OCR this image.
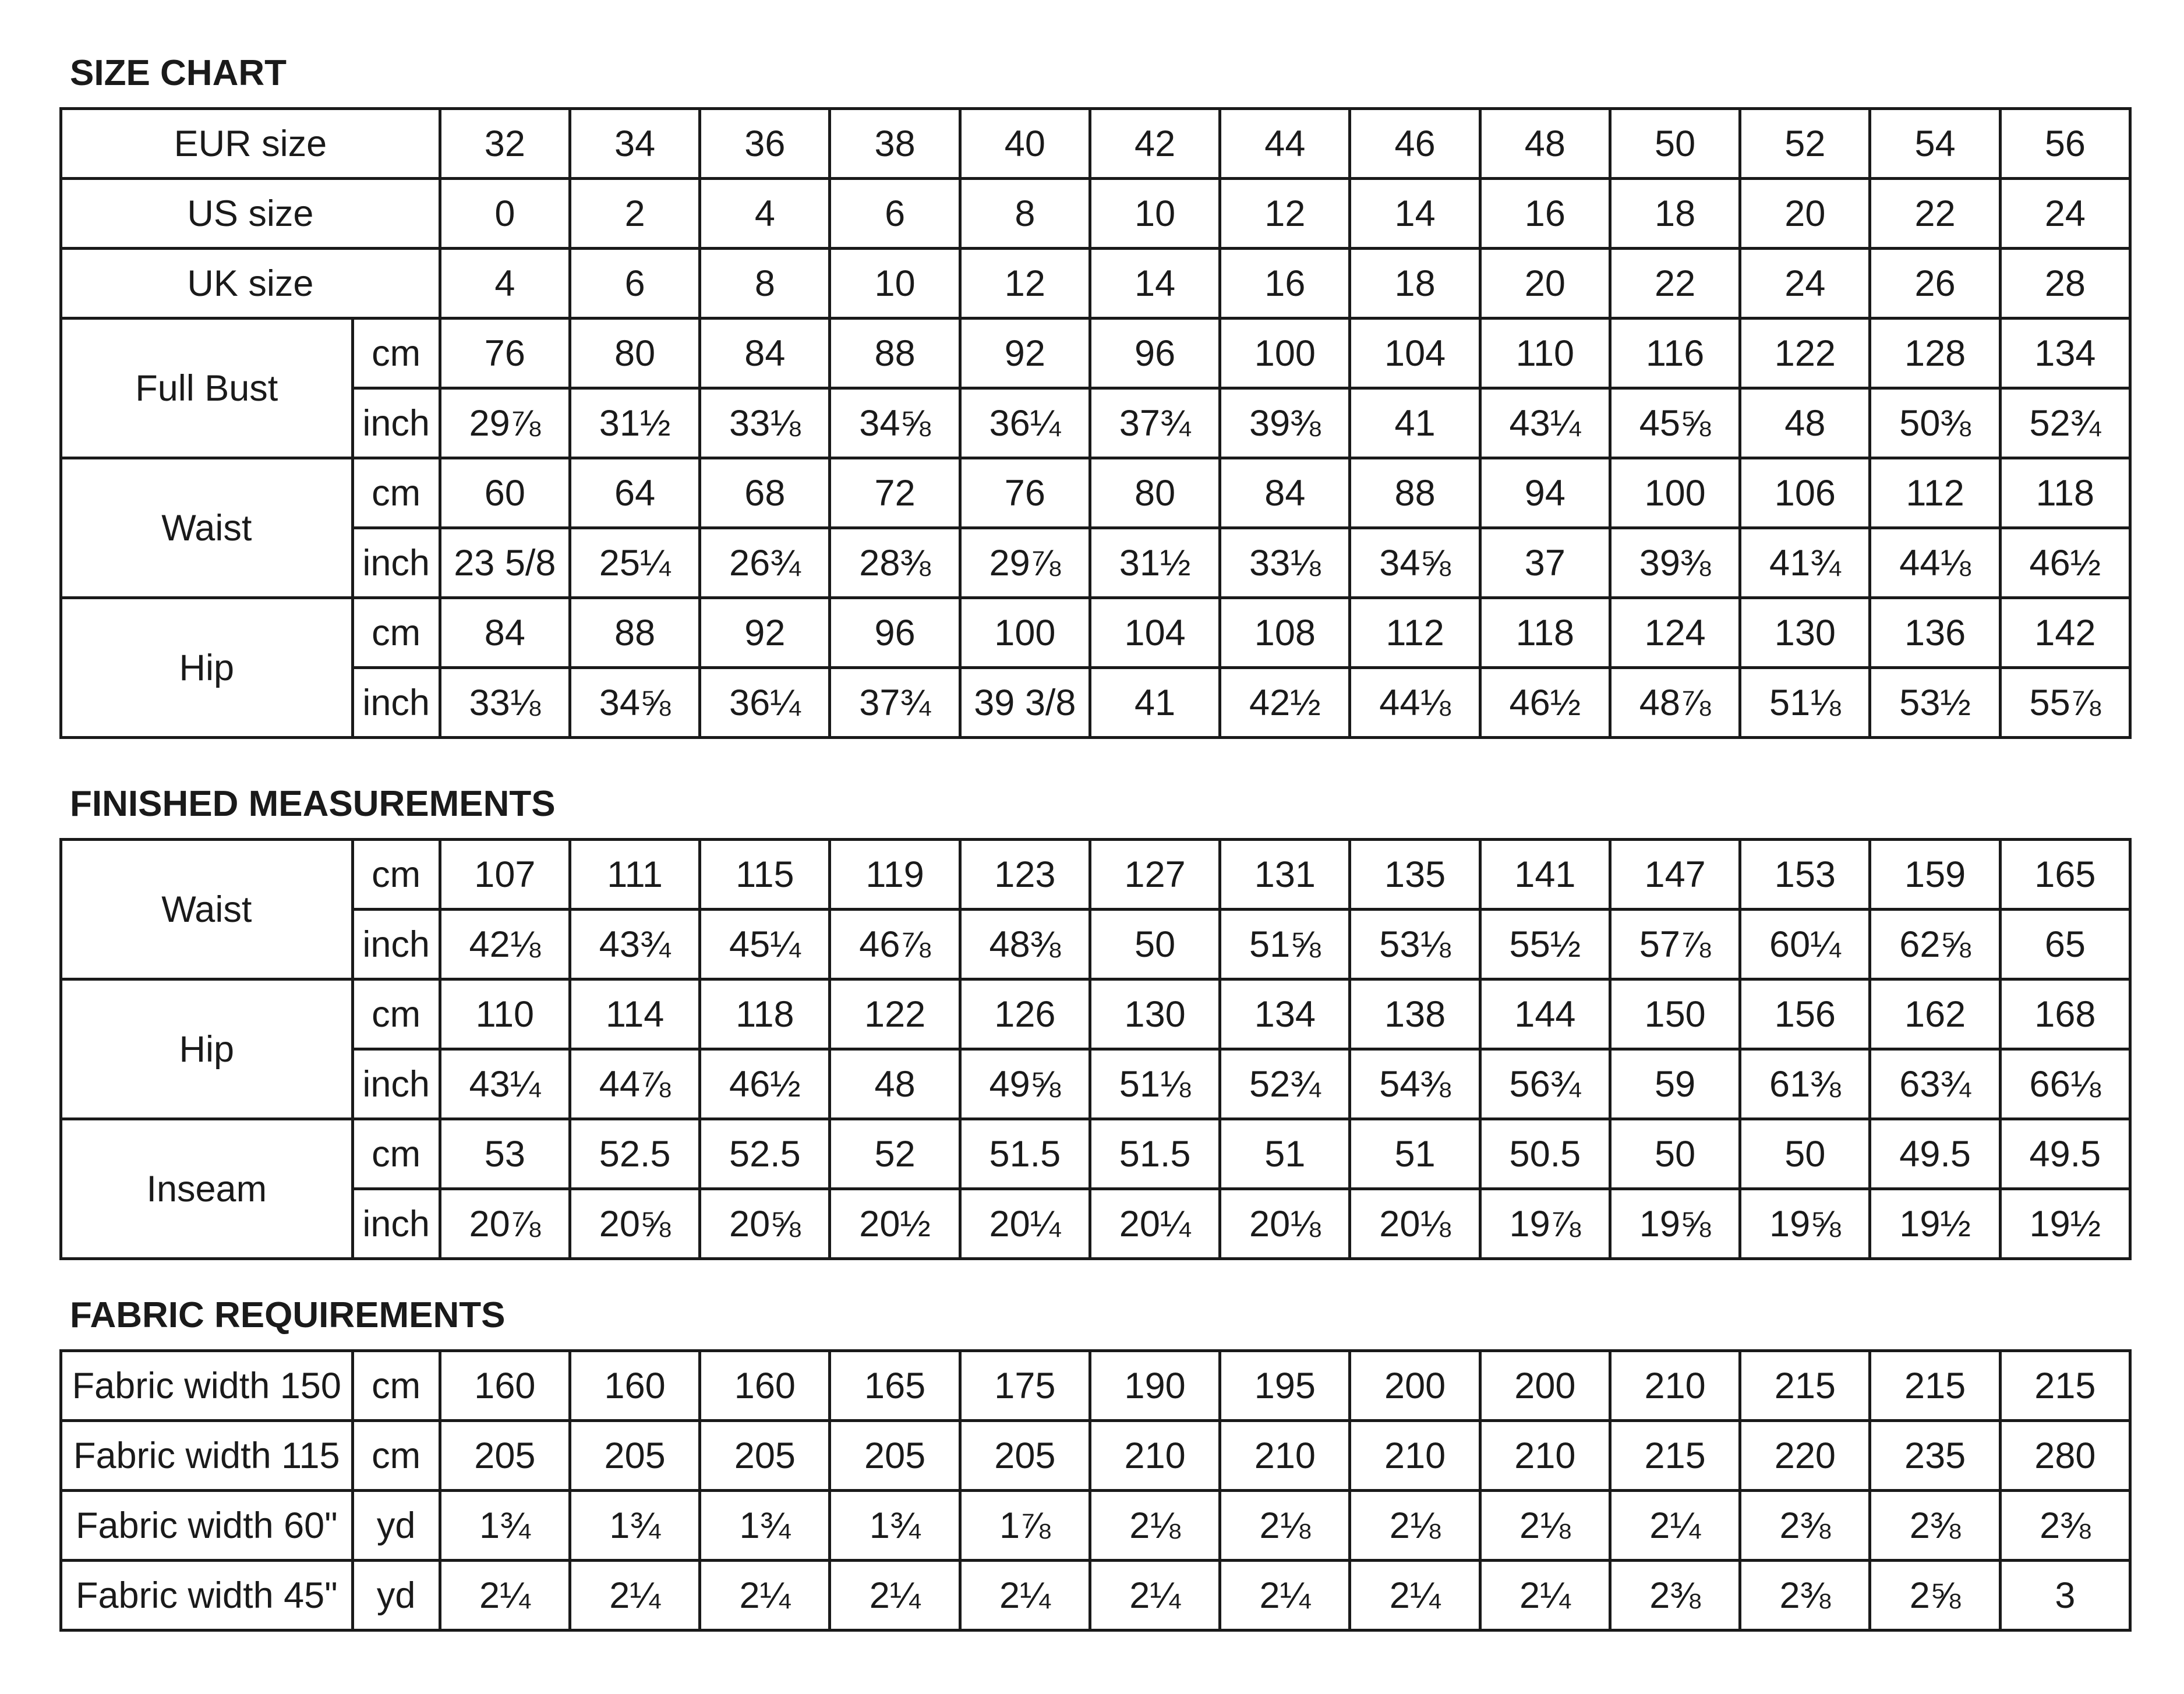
SIZE CHART
EUR size		32	34	36	38	40	42	44	46	48	50	52	54	56
US size		0	2	4	6	8	10	12	14	16	18	20	22	24
UK size		4	6	8	10	12	14	16	18	20	22	24	26	28
Full Bust	cm	76	80	84	88	92	96	100	104	110	116	122	128	134
	inch	29⅞	31½	33⅛	34⅝	36¼	37¾	39⅜	41	43¼	45⅝	48	50⅜	52¾
Waist	cm	60	64	68	72	76	80	84	88	94	100	106	112	118
	inch	23 5/8	25¼	26¾	28⅜	29⅞	31½	33⅛	34⅝	37	39⅜	41¾	44⅛	46½
Hip	cm	84	88	92	96	100	104	108	112	118	124	130	136	142
	inch	33⅛	34⅝	36¼	37¾	39 3/8	41	42½	44⅛	46½	48⅞	51⅛	53½	55⅞
FINISHED MEASUREMENTS
Waist	cm	107	111	115	119	123	127	131	135	141	147	153	159	165
	inch	42⅛	43¾	45¼	46⅞	48⅜	50	51⅝	53⅛	55½	57⅞	60¼	62⅝	65
Hip	cm	110	114	118	122	126	130	134	138	144	150	156	162	168
	inch	43¼	44⅞	46½	48	49⅝	51⅛	52¾	54⅜	56¾	59	61⅜	63¾	66⅛
Inseam	cm	53	52.5	52.5	52	51.5	51.5	51	51	50.5	50	50	49.5	49.5
	inch	20⅞	20⅝	20⅝	20½	20¼	20¼	20⅛	20⅛	19⅞	19⅝	19⅝	19½	19½
FABRIC REQUIREMENTS
Fabric width 150	cm	160	160	160	165	175	190	195	200	200	210	215	215	215
Fabric width 115	cm	205	205	205	205	205	210	210	210	210	215	220	235	280
Fabric width 60"	yd	1¾	1¾	1¾	1¾	1⅞	2⅛	2⅛	2⅛	2⅛	2¼	2⅜	2⅜	2⅜
Fabric width 45"	yd	2¼	2¼	2¼	2¼	2¼	2¼	2¼	2¼	2¼	2⅜	2⅜	2⅝	3
